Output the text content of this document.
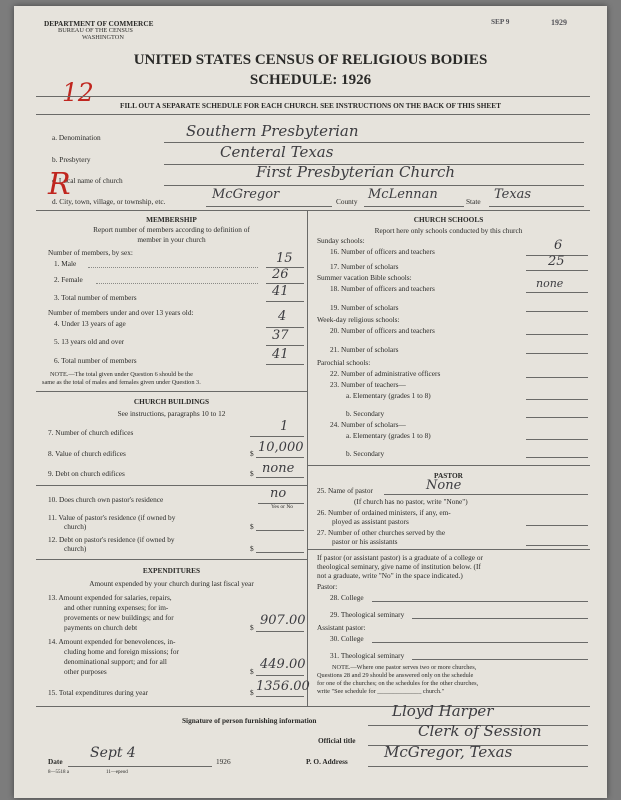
DEPARTMENT OF COMMERCE
BUREAU OF THE CENSUS
WASHINGTON
SEP 9	1929
UNITED STATES CENSUS OF RELIGIOUS BODIES
SCHEDULE: 1926
12	FILL OUT A SEPARATE SCHEDULE FOR EACH CHURCH. SEE INSTRUCTIONS ON THE BACK OF THIS SHEET
a. Denomination	Southern Presbyterian
b. Presbytery	Centeral Texas
c. Local name of church	First Presbyterian Church
R
d. City, town, village, or township, etc.	McGregor	County McLennan	State Texas
MEMBERSHIP
Report number of members according to definition of
member in your church
Number of members, by sex:
1. Male	15
2. Female	26
3. Total number of members	41
Number of members under and over 13 years old:
4. Under 13 years of age	4
5. 13 years old and over	37
6. Total number of members	41
NOTE.—The total given under Question 6 should be the
same as the total of males and females given under Question 3.
CHURCH BUILDINGS
See instructions, paragraphs 10 to 12
7. Number of church edifices	1
8. Value of church edifices	$ 10,000
9. Debt on church edifices	$ none
10. Does church own pastor's residence	no
Yes or No
11. Value of pastor's residence (if owned by
church)	$
12. Debt on pastor's residence (if owned by
church)	$
EXPENDITURES
Amount expended by your church during last fiscal year
13. Amount expended for salaries, repairs,
and other running expenses; for im-
provements or new buildings; and for
payments on church debt	$ 907.00
14. Amount expended for benevolences, in-
cluding home and foreign missions; for
denominational support; and for all
other purposes	$ 449.00
15. Total expenditures during year	$ 1356.00
CHURCH SCHOOLS
Report here only schools conducted by this church
Sunday schools:
16. Number of officers and teachers	6
17. Number of scholars	25
Summer vacation Bible schools:
18. Number of officers and teachers	none
19. Number of scholars
Week-day religious schools:
20. Number of officers and teachers
21. Number of scholars
Parochial schools:
22. Number of administrative officers
23. Number of teachers—
a. Elementary (grades 1 to 8)
b. Secondary
24. Number of scholars—
a. Elementary (grades 1 to 8)
b. Secondary
PASTOR
25. Name of pastor	None
(If church has no pastor, write "None")
26. Number of ordained ministers, if any, em-
ployed as assistant pastors
27. Number of other churches served by the
pastor or his assistants
If pastor (or assistant pastor) is a graduate of a college or
theological seminary, give name of institution below. (If
not a graduate, write "No" in the space indicated.)
Pastor:
28. College
29. Theological seminary
Assistant pastor:
30. College
31. Theological seminary
NOTE.—Where one pastor serves two or more churches,
Questions 28 and 29 should be answered only on the schedule
for one of the churches; on the schedules for the other churches,
write "See schedule for ______________ church."
Signature of person furnishing information
Lloyd Harper
Official title
Clerk of Session
Date
Sept 4
1926	P. O. Address
McGregor, Texas
8—5518 a	11—epeod
